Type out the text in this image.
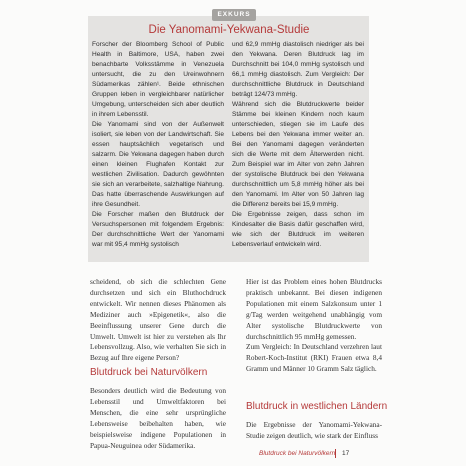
EXKURS
Die Yanomami-Yekwana-Studie

Forscher der Bloomberg School of Public Health in Baltimore, USA, haben zwei benachbarte Volksstämme in Venezuela untersucht, die zu den Ureinwohnern Südamerikas zählen¹. Beide ethnischen Gruppen leben in vergleichbarer natürlicher Umgebung, unterscheiden sich aber deutlich in ihrem Lebensstil.

Die Yanomami sind von der Außenwelt isoliert, sie leben von der Landwirtschaft. Sie essen hauptsächlich vegetarisch und salzarm. Die Yekwana dagegen haben durch einen kleinen Flughafen Kontakt zur westlichen Zivilisation. Dadurch gewöhnten sie sich an verarbeitete, salzhaltige Nahrung. Das hatte überraschende Auswirkungen auf ihre Gesundheit.

Die Forscher maßen den Blutdruck der Versuchspersonen mit folgendem Ergebnis: Der durchschnittliche Wert der Yanomami war mit 95,4 mmHg systolisch

und 62,9 mmHg diastolisch niedriger als bei den Yekwana. Deren Blutdruck lag im Durchschnitt bei 104,0 mmHg systolisch und 66,1 mmHg diastolisch. Zum Vergleich: Der durchschnittliche Blutdruck in Deutschland beträgt 124/73 mmHg.

Während sich die Blutdruckwerte beider Stämme bei kleinen Kindern noch kaum unterschieden, stiegen sie im Laufe des Lebens bei den Yekwana immer weiter an. Bei den Yanomami dagegen veränderten sich die Werte mit dem Älterwerden nicht. Zum Beispiel war im Alter von zehn Jahren der systolische Blutdruck bei den Yekwana durchschnittlich um 5,8 mmHg höher als bei den Yanomami. Im Alter von 50 Jahren lag die Differenz bereits bei 15,9 mmHg.

Die Ergebnisse zeigen, dass schon im Kindesalter die Basis dafür geschaffen wird, wie sich der Blutdruck im weiteren Lebensverlauf entwickeln wird.

scheidend, ob sich die schlechten Gene durchsetzen und sich ein Bluthochdruck entwickelt. Wir nennen dieses Phänomen als Mediziner auch »Epigenetik«, also die Beeinflussung unserer Gene durch die Umwelt. Umwelt ist hier zu verstehen als Ihr Lebensvollzug. Also, wie verhalten Sie sich in Bezug auf Ihre eigene Person?

Blutdruck bei Naturvölkern
Besonders deutlich wird die Bedeutung von Lebensstil und Umweltfaktoren bei Menschen, die eine sehr ursprüngliche Lebensweise beibehalten haben, wie beispielsweise indigene Populationen in Papua-Neuguinea oder Südamerika.

Hier ist das Problem eines hohen Blutdrucks praktisch unbekannt. Bei diesen indigenen Populationen mit einem Salzkonsum unter 1 g/Tag werden weitgehend unabhängig vom Alter systolische Blutdruckwerte von durchschnittlich 95 mmHg gemessen.

Zum Vergleich: In Deutschland verzehren laut Robert-Koch-Institut (RKI) Frauen etwa 8,4 Gramm und Männer 10 Gramm Salz täglich.

Blutdruck in westlichen Ländern
Die Ergebnisse der Yanomami-Yekwana-Studie zeigen deutlich, wie stark der Einfluss
Blutdruck bei Naturvölkern 17
